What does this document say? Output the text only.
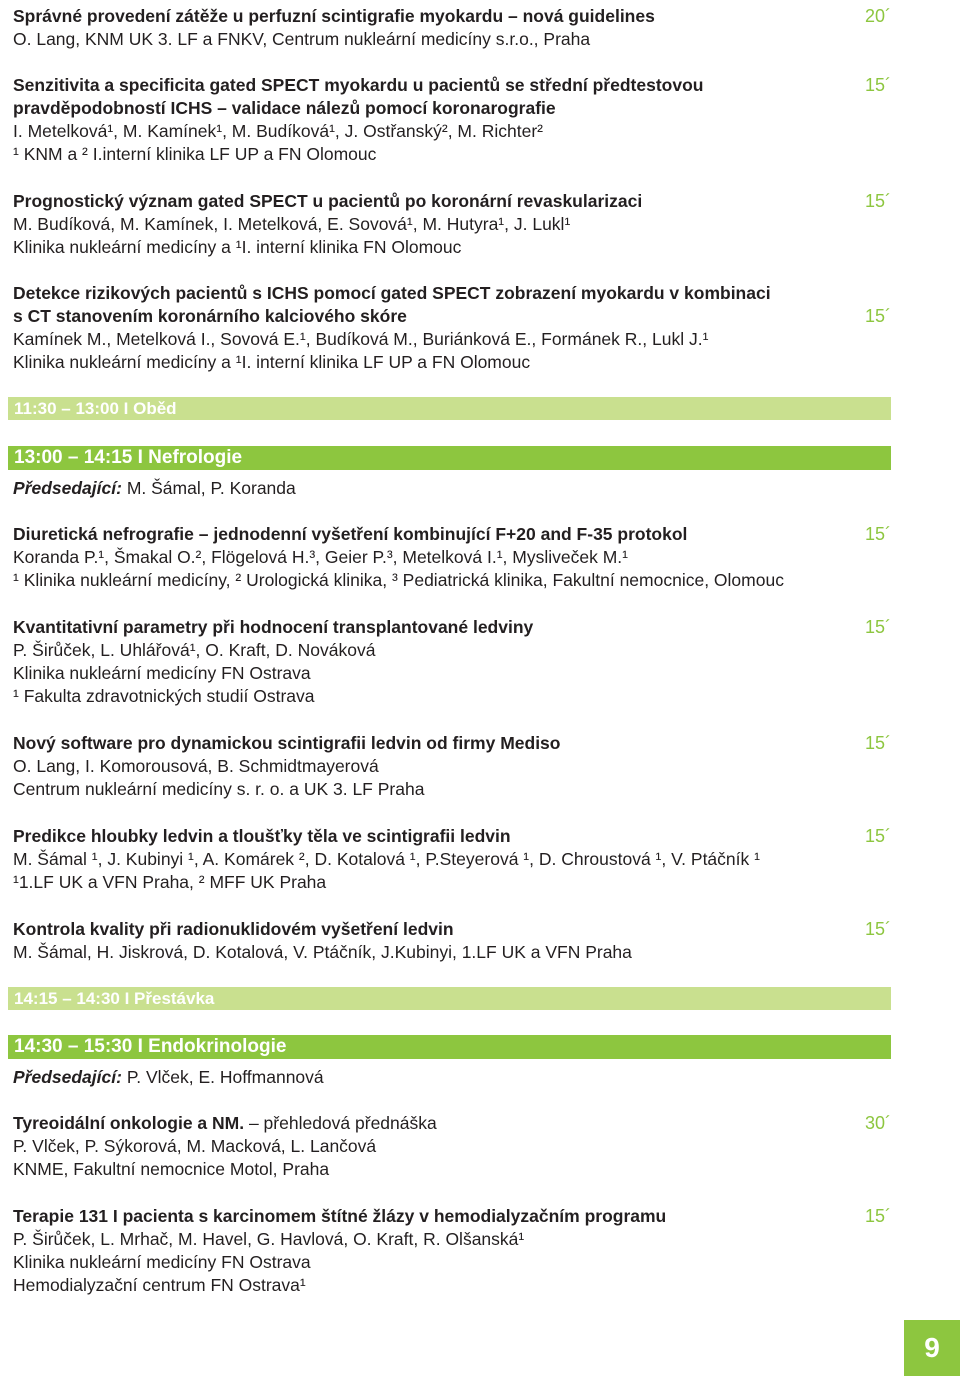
Správné provedení zátěže u perfuzní scintigrafie myokardu – nová guidelines	20´
O. Lang, KNM UK 3. LF a FNKV, Centrum nukleární medicíny s.r.o., Praha
Senzitivita a specificita gated SPECT myokardu u pacientů se střední předtestovou	15´
pravděpodobností ICHS – validace nálezů pomocí koronarografie
I. Metelková¹, M. Kamínek¹, M. Budíková¹, J. Ostřanský², M. Richter²
¹ KNM a ² I.interní klinika LF UP a FN Olomouc
Prognostický význam gated SPECT u pacientů po koronární revaskularizaci	15´
M. Budíková, M. Kamínek, I. Metelková, E. Sovová¹, M. Hutyra¹, J. Lukl¹
Klinika nukleární medicíny a ¹I. interní klinika FN Olomouc
Detekce rizikových pacientů s ICHS pomocí gated SPECT zobrazení myokardu v kombinaci
s CT stanovením koronárního kalciového skóre	15´
Kamínek M., Metelková I., Sovová E.¹, Budíková M., Buriánková E., Formánek R., Lukl J.¹
Klinika nukleární medicíny a ¹I. interní klinika LF UP a FN Olomouc
11:30 – 13:00 I Oběd
13:00 – 14:15 I Nefrologie
Předsedající: M. Šámal, P. Koranda
Diuretická nefrografie – jednodenní vyšetření kombinující F+20 and F-35 protokol	15´
Koranda P.¹, Šmakal O.², Flögelová H.³, Geier P.³, Metelková I.¹, Mysliveček M.¹
¹ Klinika nukleární medicíny, ² Urologická klinika, ³ Pediatrická klinika, Fakultní nemocnice, Olomouc
Kvantitativní parametry při hodnocení transplantované ledviny	15´
P. Širůček, L. Uhlářová¹, O. Kraft, D. Nováková
Klinika nukleární medicíny FN Ostrava
¹ Fakulta zdravotnických studií Ostrava
Nový software pro dynamickou scintigrafii ledvin od firmy Mediso	15´
O. Lang, I. Komorousová, B. Schmidtmayerová
Centrum nukleární medicíny s. r. o. a UK 3. LF Praha
Predikce hloubky ledvin a tloušťky těla ve scintigrafii ledvin	15´
M. Šámal ¹, J. Kubinyi ¹, A. Komárek ², D. Kotalová ¹, P.Steyerová ¹, D. Chroustová ¹, V. Ptáčník ¹
¹1.LF UK a VFN Praha, ² MFF UK Praha
Kontrola kvality při radionuklidovém vyšetření ledvin	15´
M. Šámal, H. Jiskrová, D. Kotalová, V. Ptáčník, J.Kubinyi, 1.LF UK a VFN Praha
14:15 – 14:30 I Přestávka
14:30 – 15:30 I Endokrinologie
Předsedající: P. Vlček, E. Hoffmannová
Tyreoidální onkologie a NM. – přehledová přednáška	30´
P. Vlček, P. Sýkorová, M. Macková, L. Lančová
KNME, Fakultní nemocnice Motol, Praha
Terapie 131 I pacienta s karcinomem štítné žlázy v hemodialyzačním programu	15´
P. Širůček, L. Mrhač, M. Havel, G. Havlová, O. Kraft, R. Olšanská¹
Klinika nukleární medicíny FN Ostrava
Hemodialyzační centrum FN Ostrava¹
9
